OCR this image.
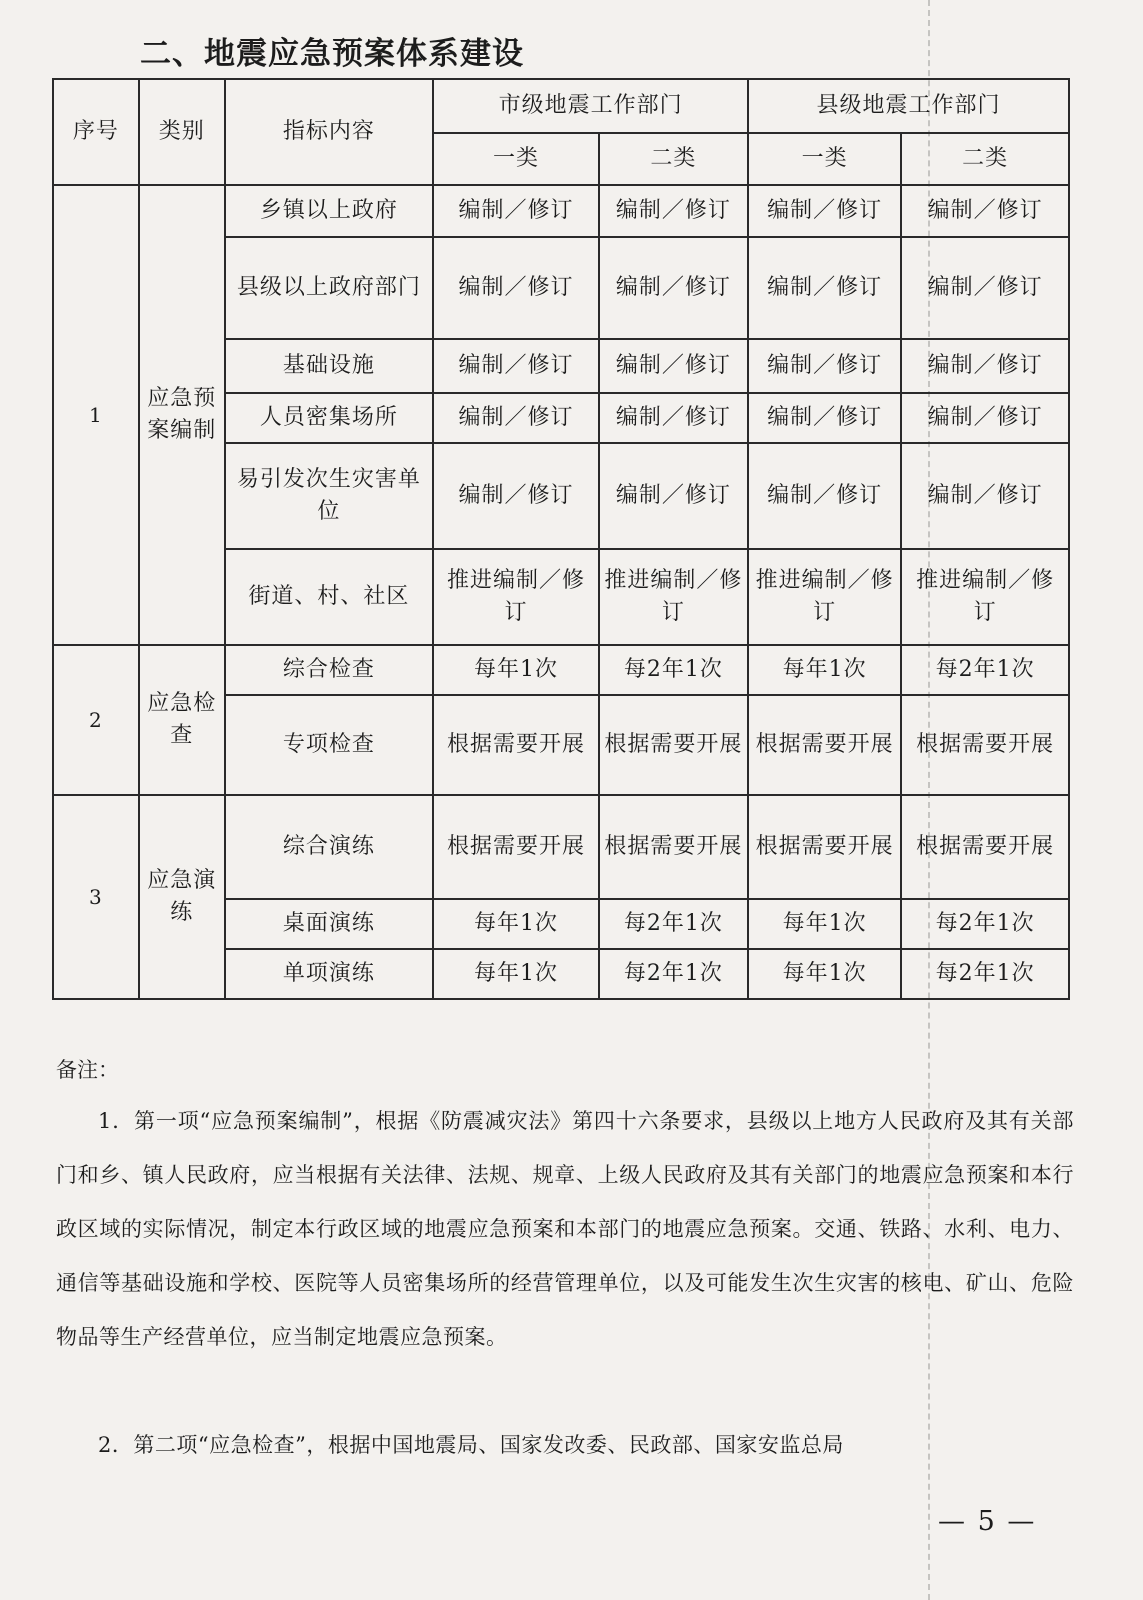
二、地震应急预案体系建设
序号	类别	指标内容	市级地震工作部门		县级地震工作部门	
			一类	二类	一类	二类
1	应急预案编制	乡镇以上政府	编制／修订	编制／修订	编制／修订	编制／修订
		县级以上政府部门	编制／修订	编制／修订	编制／修订	编制／修订
		基础设施	编制／修订	编制／修订	编制／修订	编制／修订
		人员密集场所	编制／修订	编制／修订	编制／修订	编制／修订
		易引发次生灾害单位	编制／修订	编制／修订	编制／修订	编制／修订
		街道、村、社区	推进编制／修订	推进编制／修订	推进编制／修订	推进编制／修订
2	应急检查	综合检查	每年1次	每2年1次	每年1次	每2年1次
		专项检查	根据需要开展	根据需要开展	根据需要开展	根据需要开展
3	应急演练	综合演练	根据需要开展	根据需要开展	根据需要开展	根据需要开展
		桌面演练	每年1次	每2年1次	每年1次	每2年1次
		单项演练	每年1次	每2年1次	每年1次	每2年1次
备注：

1．第一项“应急预案编制”，根据《防震减灾法》第四十六条要求，县级以上地方人民政府及其有关部门和乡、镇人民政府，应当根据有关法律、法规、规章、上级人民政府及其有关部门的地震应急预案和本行政区域的实际情况，制定本行政区域的地震应急预案和本部门的地震应急预案。交通、铁路、水利、电力、通信等基础设施和学校、医院等人员密集场所的经营管理单位，以及可能发生次生灾害的核电、矿山、危险物品等生产经营单位，应当制定地震应急预案。

2．第二项“应急检查”，根据中国地震局、国家发改委、民政部、国家安监总局

— 5 —
